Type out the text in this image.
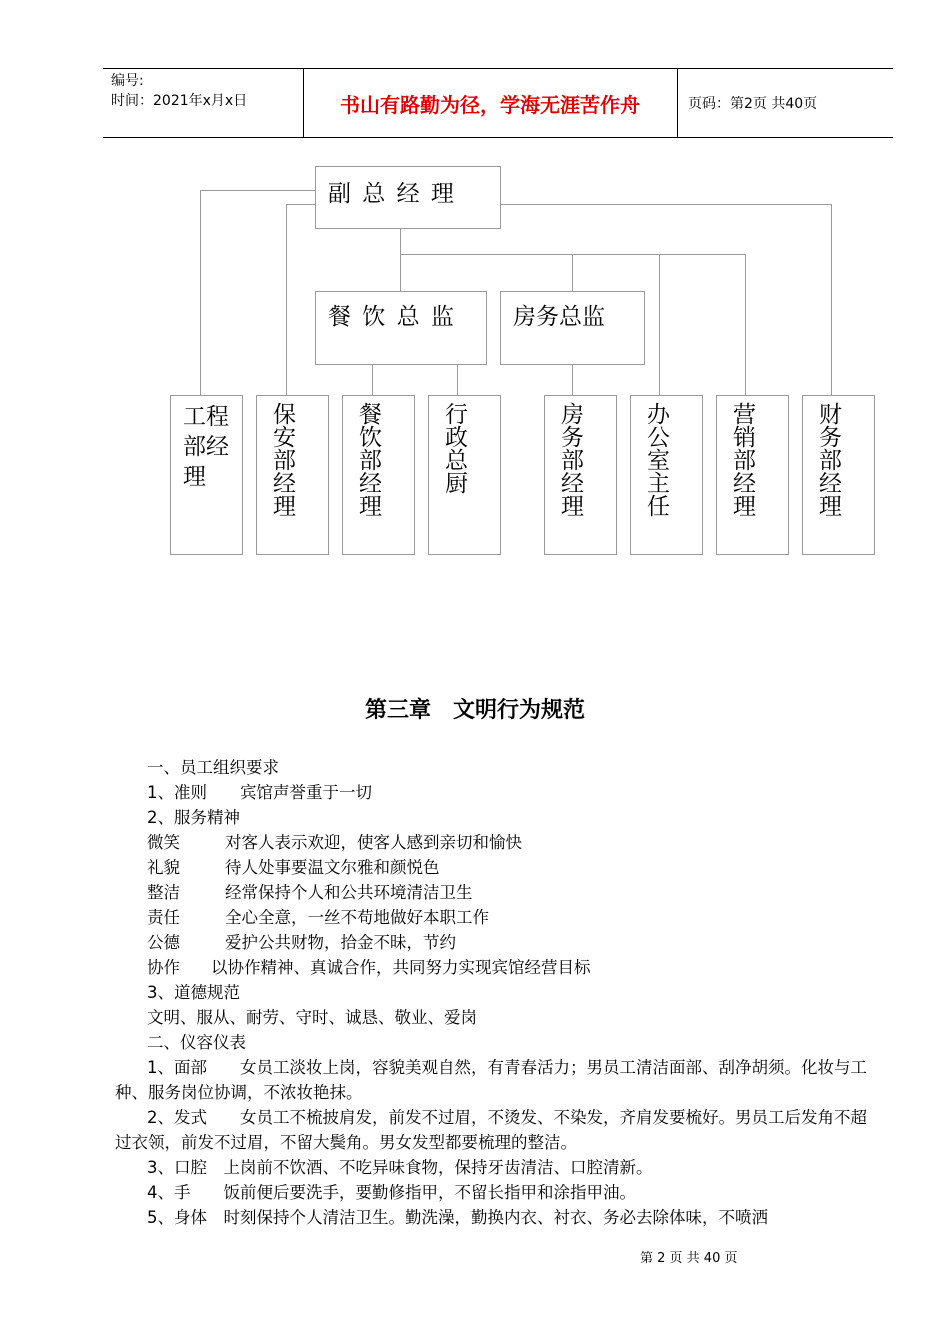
编号:
时间：2021年x月x日	书山有路勤为径，学海无涯苦作舟	页码：第2页 共40页
副 总 经 理
餐 饮 总 监 房务总监
工程部经理	保安部经理	餐饮部经理	行政总厨	房务部经理	办公室主任	营销部经理	财务部经理
第三章　文明行为规范

一、员工组织要求

1、准则　　宾馆声誉重于一切

2、服务精神

微笑	对客人表示欢迎，使客人感到亲切和愉快

礼貌	待人处事要温文尔雅和颜悦色

整洁	经常保持个人和公共环境清洁卫生

责任	全心全意，一丝不苟地做好本职工作

公德	爱护公共财物，拾金不昧，节约

协作 以协作精神、真诚合作，共同努力实现宾馆经营目标

3、道德规范

文明、服从、耐劳、守时、诚恳、敬业、爱岗

二、仪容仪表

1、面部　　女员工淡妆上岗，容貌美观自然，有青春活力；男员工清洁面部、刮净胡须。化妆与工种、服务岗位协调，不浓妆艳抹。

2、发式　　女员工不梳披肩发，前发不过眉，不烫发、不染发，齐肩发要梳好。男员工后发角不超过衣领，前发不过眉，不留大鬓角。男女发型都要梳理的整洁。

3、口腔　上岗前不饮酒、不吃异味食物，保持牙齿清洁、口腔清新。

4、手　　饭前便后要洗手，要勤修指甲，不留长指甲和涂指甲油。

5、身体　时刻保持个人清洁卫生。勤洗澡，勤换内衣、衬衣、务必去除体味，不喷洒

第 2 页 共 40 页
